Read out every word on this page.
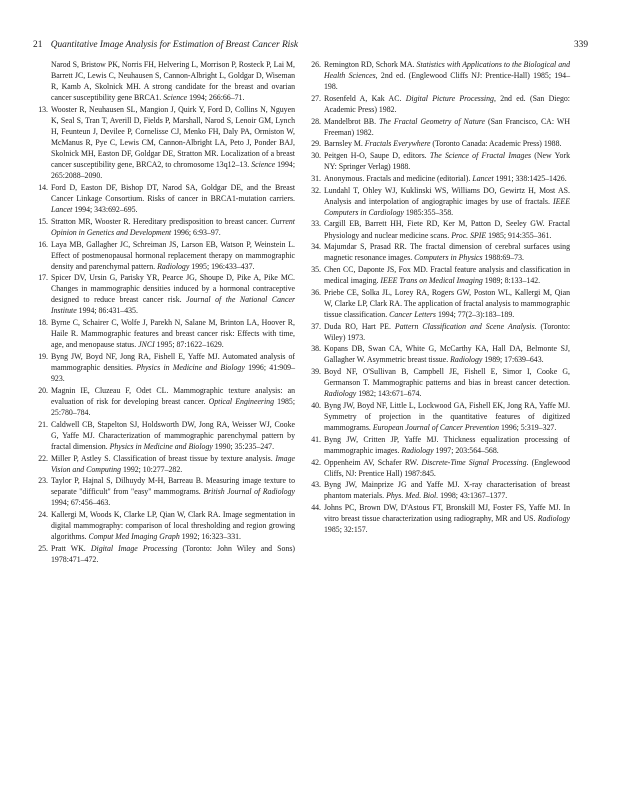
21 Quantitative Image Analysis for Estimation of Breast Cancer Risk	339
Narod S, Bristow PK, Norris FH, Helvering L, Morrison P, Rosteck P, Lai M, Barrett JC, Lewis C, Neuhausen S, Cannon-Albright L, Goldgar D, Wiseman R, Kamb A, Skolnick MH. A strong candidate for the breast and ovarian cancer susceptibility gene BRCA1. Science 1994; 266:66–71.
13. Wooster R, Neuhausen SL, Mangion J, Quirk Y, Ford D, Collins N, Nguyen K, Seal S, Tran T, Averill D, Fields P, Marshall, Narod S, Lenoir GM, Lynch H, Feunteun J, Devilee P, Cornelisse CJ, Menko FH, Daly PA, Ormiston W, McManus R, Pye C, Lewis CM, Cannon-Albright LA, Peto J, Ponder BAJ, Skolnick MH, Easton DF, Goldgar DE, Stratton MR. Localization of a breast cancer susceptibility gene, BRCA2, to chromosome 13q12–13. Science 1994; 265:2088–2090.
14. Ford D, Easton DF, Bishop DT, Narod SA, Goldgar DE, and the Breast Cancer Linkage Consortium. Risks of cancer in BRCA1-mutation carriers. Lancet 1994; 343:692–695.
15. Stratton MR, Wooster R. Hereditary predisposition to breast cancer. Current Opinion in Genetics and Development 1996; 6:93–97.
16. Laya MB, Gallagher JC, Schreiman JS, Larson EB, Watson P, Weinstein L. Effect of postmenopausal hormonal replacement therapy on mammographic density and parenchymal pattern. Radiology 1995; 196:433–437.
17. Spicer DV, Ursin G, Parisky YR, Pearce JG, Shoupe D, Pike A, Pike MC. Changes in mammographic densities induced by a hormonal contraceptive designed to reduce breast cancer risk. Journal of the National Cancer Institute 1994; 86:431–435.
18. Byrne C, Schairer C, Wolfe J, Parekh N, Salane M, Brinton LA, Hoover R, Haile R. Mammographic features and breast cancer risk: Effects with time, age, and menopause status. JNCI 1995; 87:1622–1629.
19. Byng JW, Boyd NF, Jong RA, Fishell E, Yaffe MJ. Automated analysis of mammographic densities. Physics in Medicine and Biology 1996; 41:909–923.
20. Magnin IE, Cluzeau F, Odet CL. Mammographic texture analysis: an evaluation of risk for developing breast cancer. Optical Engineering 1985; 25:780–784.
21. Caldwell CB, Stapelton SJ, Holdsworth DW, Jong RA, Weisser WJ, Cooke G, Yaffe MJ. Characterization of mammographic parenchymal pattern by fractal dimension. Physics in Medicine and Biology 1990; 35:235–247.
22. Miller P, Astley S. Classification of breast tissue by texture analysis. Image Vision and Computing 1992; 10:277–282.
23. Taylor P, Hajnal S, Dilhuydy M-H, Barreau B. Measuring image texture to separate "difficult" from "easy" mammograms. British Journal of Radiology 1994; 67:456–463.
24. Kallergi M, Woods K, Clarke LP, Qian W, Clark RA. Image segmentation in digital mammography: comparison of local thresholding and region growing algorithms. Comput Med Imaging Graph 1992; 16:323–331.
25. Pratt WK. Digital Image Processing (Toronto: John Wiley and Sons) 1978:471–472.
26. Remington RD, Schork MA. Statistics with Applications to the Biological and Health Sciences, 2nd ed. (Englewood Cliffs NJ: Prentice-Hall) 1985; 194–198.
27. Rosenfeld A, Kak AC. Digital Picture Processing, 2nd ed. (San Diego: Academic Press) 1982.
28. Mandelbrot BB. The Fractal Geometry of Nature (San Francisco, CA: WH Freeman) 1982.
29. Barnsley M. Fractals Everywhere (Toronto Canada: Academic Press) 1988.
30. Peitgen H-O, Saupe D, editors. The Science of Fractal Images (New York NY: Springer Verlag) 1988.
31. Anonymous. Fractals and medicine (editorial). Lancet 1991; 338:1425–1426.
32. Lundahl T, Ohley WJ, Kuklinski WS, Williams DO, Gewirtz H, Most AS. Analysis and interpolation of angiographic images by use of fractals. IEEE Computers in Cardiology 1985:355–358.
33. Cargill EB, Barrett HH, Fiete RD, Ker M, Patton D, Seeley GW. Fractal Physiology and nuclear medicine scans. Proc. SPIE 1985; 914:355–361.
34. Majumdar S, Prasad RR. The fractal dimension of cerebral surfaces using magnetic resonance images. Computers in Physics 1988:69–73.
35. Chen CC, Daponte JS, Fox MD. Fractal feature analysis and classification in medical imaging. IEEE Trans on Medical Imaging 1989; 8:133–142.
36. Priebe CE, Solka JL, Lorey RA, Rogers GW, Poston WL, Kallergi M, Qian W, Clarke LP, Clark RA. The application of fractal analysis to mammographic tissue classification. Cancer Letters 1994; 77(2–3):183–189.
37. Duda RO, Hart PE. Pattern Classification and Scene Analysis. (Toronto: Wiley) 1973.
38. Kopans DB, Swan CA, White G, McCarthy KA, Hall DA, Belmonte SJ, Gallagher W. Asymmetric breast tissue. Radiology 1989; 17:639–643.
39. Boyd NF, O'Sullivan B, Campbell JE, Fishell E, Simor I, Cooke G, Germanson T. Mammographic patterns and bias in breast cancer detection. Radiology 1982; 143:671–674.
40. Byng JW, Boyd NF, Little L, Lockwood GA, Fishell EK, Jong RA, Yaffe MJ. Symmetry of projection in the quantitative features of digitized mammograms. European Journal of Cancer Prevention 1996; 5:319–327.
41. Byng JW, Critten JP, Yaffe MJ. Thickness equalization processing of mammographic images. Radiology 1997; 203:564–568.
42. Oppenheim AV, Schafer RW. Discrete-Time Signal Processing. (Englewood Cliffs, NJ: Prentice Hall) 1987:845.
43. Byng JW, Mainprize JG and Yaffe MJ. X-ray characterisation of breast phantom materials. Phys. Med. Biol. 1998; 43:1367–1377.
44. Johns PC, Brown DW, D'Astous FT, Bronskill MJ, Foster FS, Yaffe MJ. In vitro breast tissue characterization using radiography, MR and US. Radiology 1985; 32:157.
